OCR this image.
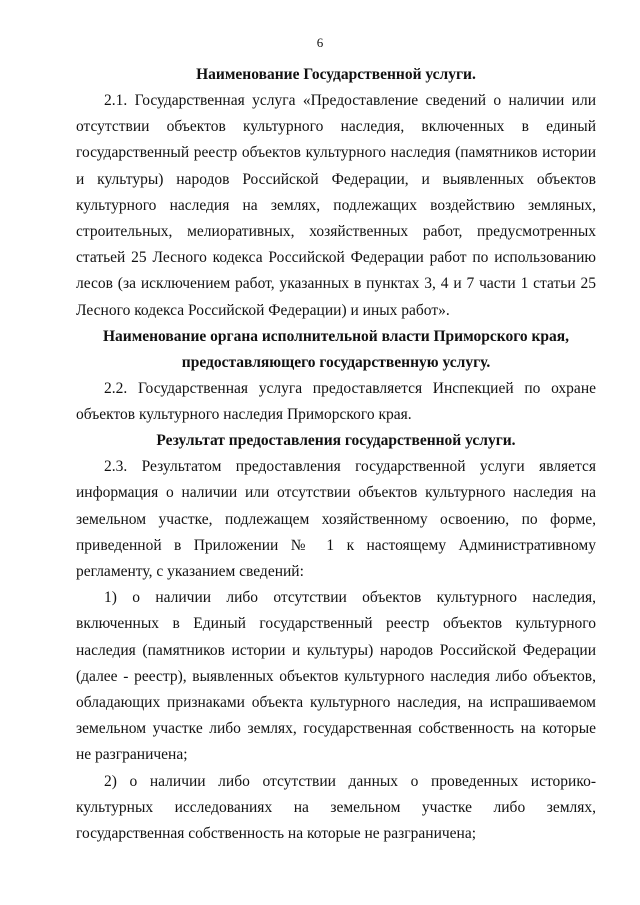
6

Наименование Государственной услуги.

2.1. Государственная услуга «Предоставление сведений о наличии или отсутствии объектов культурного наследия, включенных в единый государственный реестр объектов культурного наследия (памятников истории и культуры) народов Российской Федерации, и выявленных объектов культурного наследия на землях, подлежащих воздействию земляных, строительных, мелиоративных, хозяйственных работ, предусмотренных статьей 25 Лесного кодекса Российской Федерации работ по использованию лесов (за исключением работ, указанных в пунктах 3, 4 и 7 части 1 статьи 25 Лесного кодекса Российской Федерации) и иных работ».

Наименование органа исполнительной власти Приморского края,

предоставляющего государственную услугу.

2.2. Государственная услуга предоставляется Инспекцией по охране объектов культурного наследия Приморского края.

Результат предоставления государственной услуги.

2.3. Результатом предоставления государственной услуги является информация о наличии или отсутствии объектов культурного наследия на земельном участке, подлежащем хозяйственному освоению, по форме, приведенной в Приложении № 1 к настоящему Административному регламенту, с указанием сведений:

1) о наличии либо отсутствии объектов культурного наследия, включенных в Единый государственный реестр объектов культурного наследия (памятников истории и культуры) народов Российской Федерации (далее - реестр), выявленных объектов культурного наследия либо объектов, обладающих признаками объекта культурного наследия, на испрашиваемом земельном участке либо землях, государственная собственность на которые не разграничена;

2) о наличии либо отсутствии данных о проведенных историко-культурных исследованиях на земельном участке либо землях, государственная собственность на которые не разграничена;
